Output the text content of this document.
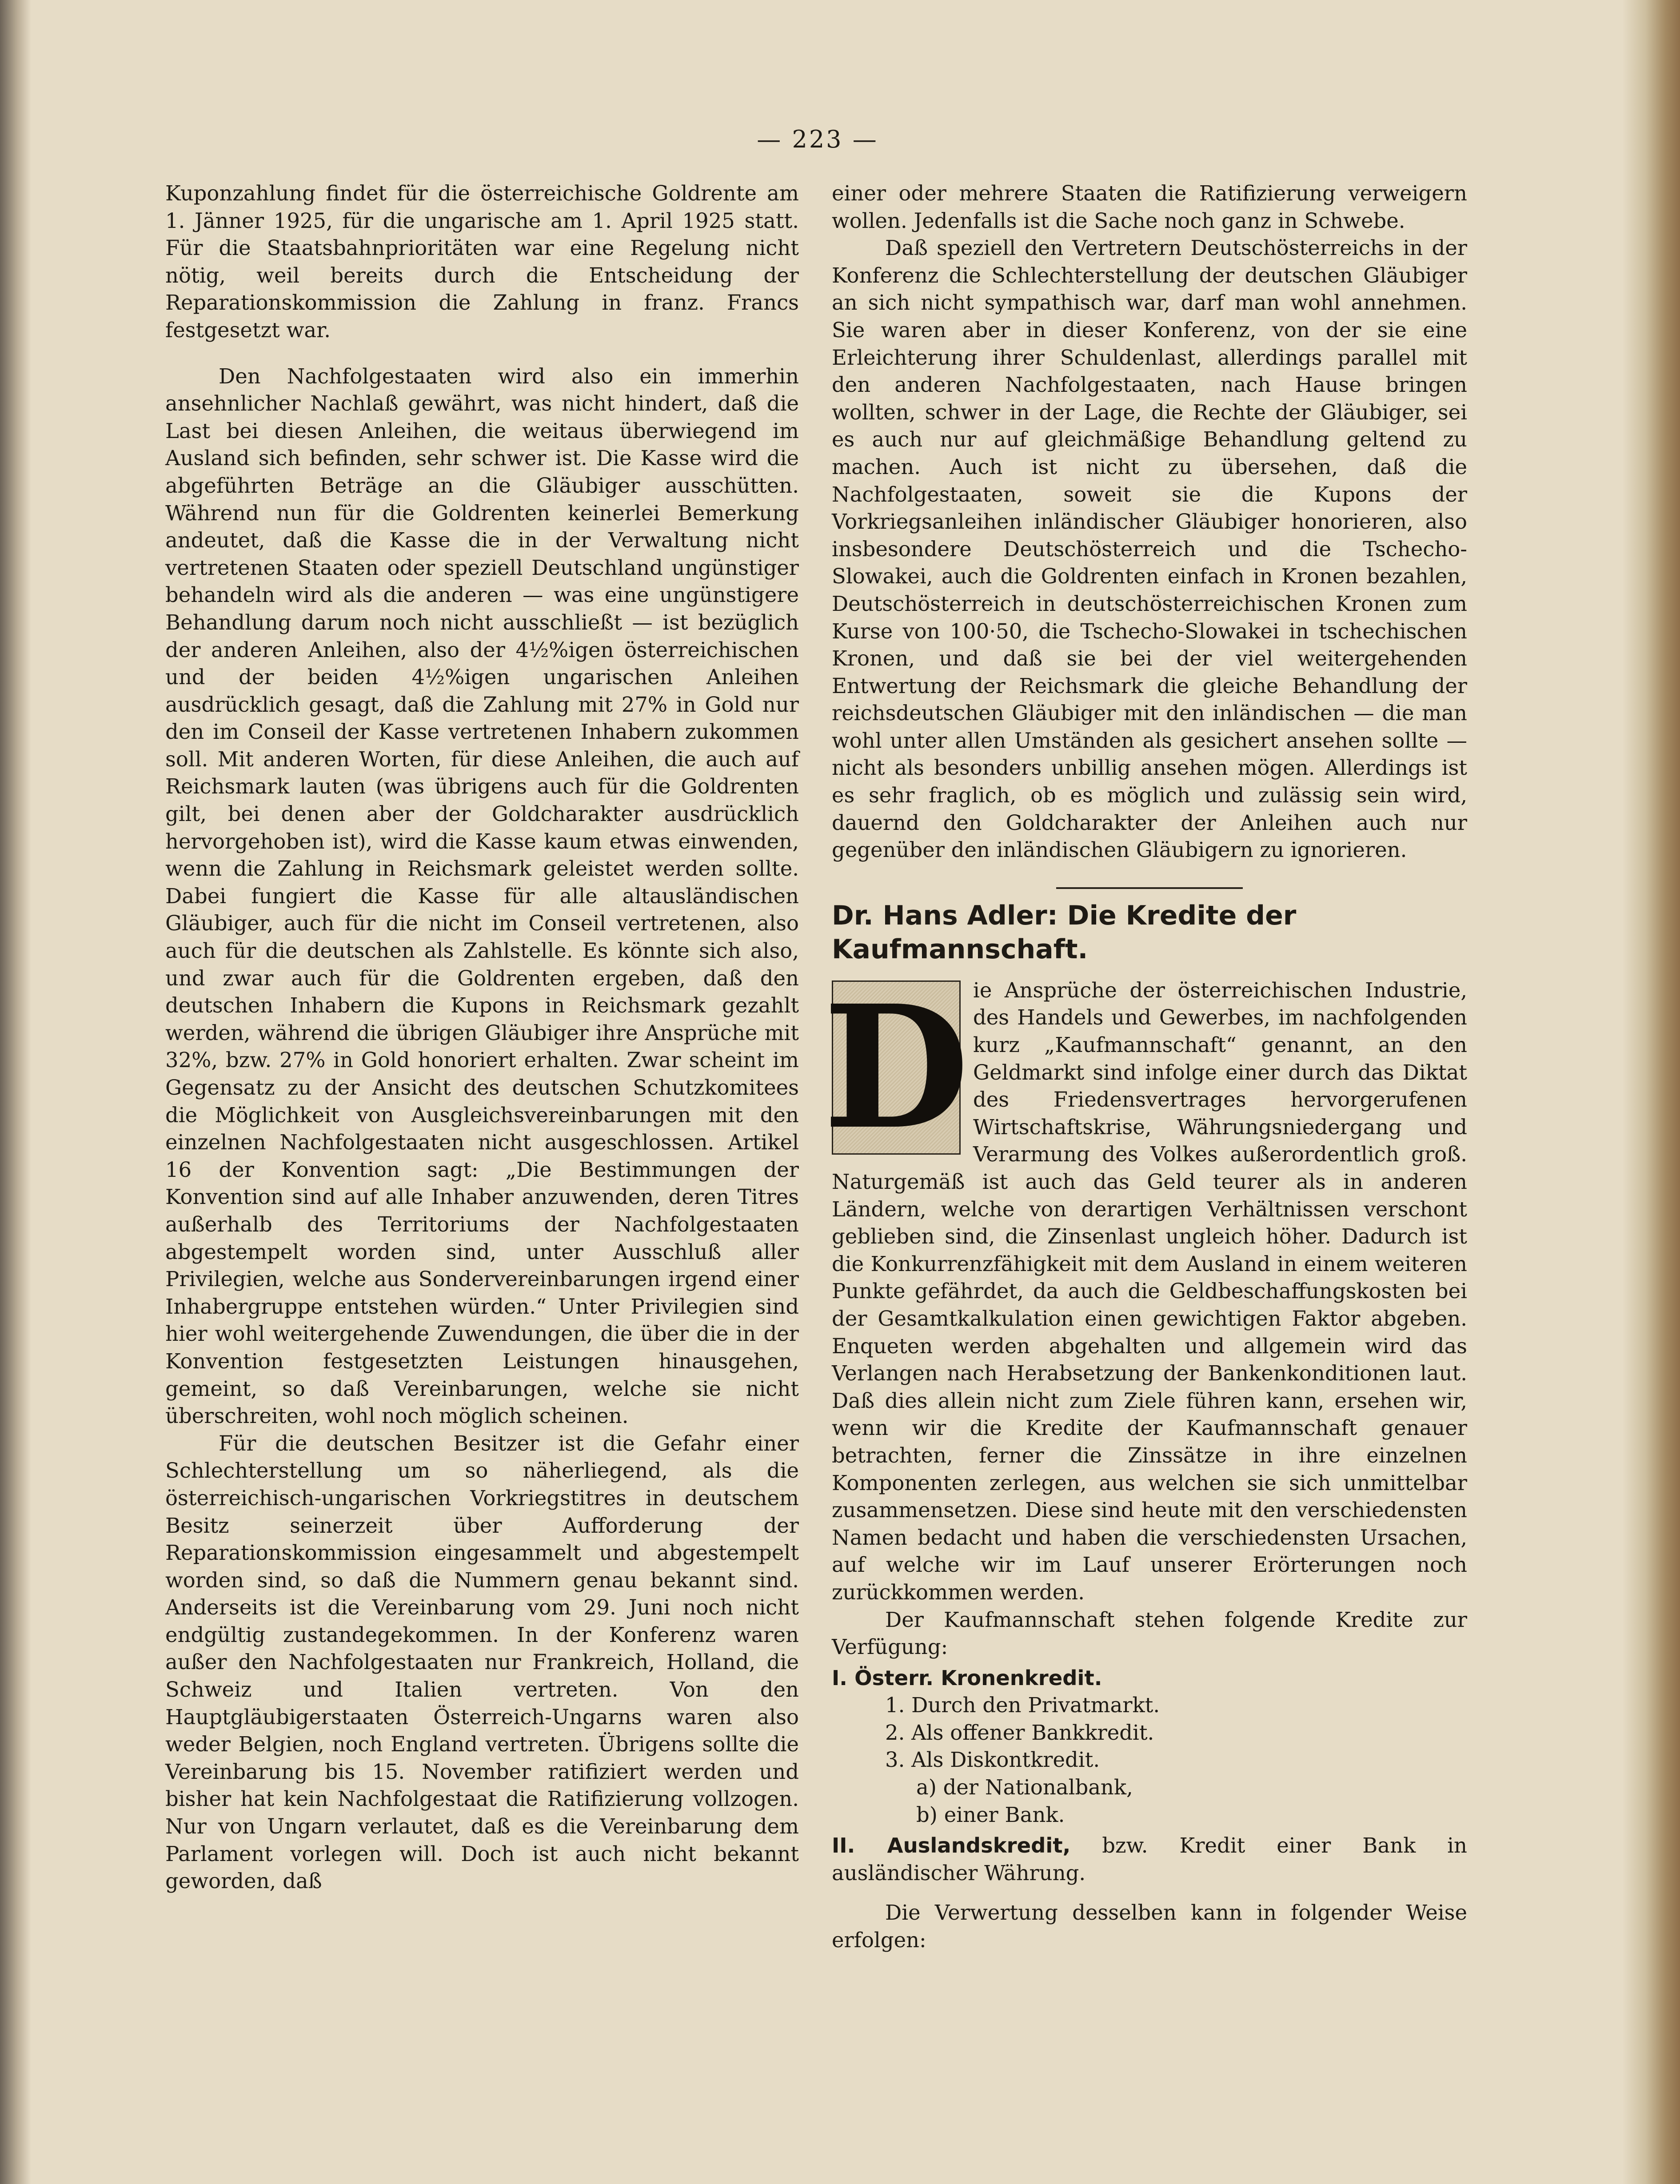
— 223 —

Kuponzahlung findet für die österreichische Goldrente am 1. Jänner 1925, für die ungarische am 1. April 1925 statt. Für die Staatsbahnprioritäten war eine Regelung nicht nötig, weil bereits durch die Entscheidung der Reparationskommission die Zahlung in franz. Francs festgesetzt war.

Den Nachfolgestaaten wird also ein immerhin ansehnlicher Nachlaß gewährt, was nicht hindert, daß die Last bei diesen Anleihen, die weitaus überwiegend im Ausland sich befinden, sehr schwer ist. Die Kasse wird die abgeführten Beträge an die Gläubiger ausschütten. Während nun für die Goldrenten keinerlei Bemerkung andeutet, daß die Kasse die in der Verwaltung nicht vertretenen Staaten oder speziell Deutschland ungünstiger behandeln wird als die anderen — was eine ungünstigere Behandlung darum noch nicht ausschließt — ist bezüglich der anderen Anleihen, also der 4½%igen österreichischen und der beiden 4½%igen ungarischen Anleihen ausdrücklich gesagt, daß die Zahlung mit 27% in Gold nur den im Conseil der Kasse vertretenen Inhabern zukommen soll. Mit anderen Worten, für diese Anleihen, die auch auf Reichsmark lauten (was übrigens auch für die Goldrenten gilt, bei denen aber der Goldcharakter ausdrücklich hervorgehoben ist), wird die Kasse kaum etwas einwenden, wenn die Zahlung in Reichsmark geleistet werden sollte. Dabei fungiert die Kasse für alle altausländischen Gläubiger, auch für die nicht im Conseil vertretenen, also auch für die deutschen als Zahlstelle. Es könnte sich also, und zwar auch für die Goldrenten ergeben, daß den deutschen Inhabern die Kupons in Reichsmark gezahlt werden, während die übrigen Gläubiger ihre Ansprüche mit 32%, bzw. 27% in Gold honoriert erhalten. Zwar scheint im Gegensatz zu der Ansicht des deutschen Schutzkomitees die Möglichkeit von Ausgleichsvereinbarungen mit den einzelnen Nachfolgestaaten nicht ausgeschlossen. Artikel 16 der Konvention sagt: „Die Bestimmungen der Konvention sind auf alle Inhaber anzuwenden, deren Titres außerhalb des Territoriums der Nachfolgestaaten abgestempelt worden sind, unter Ausschluß aller Privilegien, welche aus Sondervereinbarungen irgend einer Inhabergruppe entstehen würden.“ Unter Privilegien sind hier wohl weitergehende Zuwendungen, die über die in der Konvention festgesetzten Leistungen hinausgehen, gemeint, so daß Vereinbarungen, welche sie nicht überschreiten, wohl noch möglich scheinen.

Für die deutschen Besitzer ist die Gefahr einer Schlechterstellung um so näherliegend, als die österreichisch-ungarischen Vorkriegstitres in deutschem Besitz seinerzeit über Aufforderung der Reparationskommission eingesammelt und abgestempelt worden sind, so daß die Nummern genau bekannt sind. Anderseits ist die Vereinbarung vom 29. Juni noch nicht endgültig zustandegekommen. In der Konferenz waren außer den Nachfolgestaaten nur Frankreich, Holland, die Schweiz und Italien vertreten. Von den Hauptgläubigerstaaten Österreich-Ungarns waren also weder Belgien, noch England vertreten. Übrigens sollte die Vereinbarung bis 15. November ratifiziert werden und bisher hat kein Nachfolgestaat die Ratifizierung vollzogen. Nur von Ungarn verlautet, daß es die Vereinbarung dem Parlament vorlegen will. Doch ist auch nicht bekannt geworden, daß

einer oder mehrere Staaten die Ratifizierung verweigern wollen. Jedenfalls ist die Sache noch ganz in Schwebe.

Daß speziell den Vertretern Deutschösterreichs in der Konferenz die Schlechterstellung der deutschen Gläubiger an sich nicht sympathisch war, darf man wohl annehmen. Sie waren aber in dieser Konferenz, von der sie eine Erleichterung ihrer Schuldenlast, allerdings parallel mit den anderen Nachfolgestaaten, nach Hause bringen wollten, schwer in der Lage, die Rechte der Gläubiger, sei es auch nur auf gleichmäßige Behandlung geltend zu machen. Auch ist nicht zu übersehen, daß die Nachfolgestaaten, soweit sie die Kupons der Vorkriegsanleihen inländischer Gläubiger honorieren, also insbesondere Deutschösterreich und die Tschecho-Slowakei, auch die Goldrenten einfach in Kronen bezahlen, Deutschösterreich in deutschösterreichischen Kronen zum Kurse von 100·50, die Tschecho-Slowakei in tschechischen Kronen, und daß sie bei der viel weitergehenden Entwertung der Reichsmark die gleiche Behandlung der reichsdeutschen Gläubiger mit den inländischen — die man wohl unter allen Umständen als gesichert ansehen sollte — nicht als besonders unbillig ansehen mögen. Allerdings ist es sehr fraglich, ob es möglich und zulässig sein wird, dauernd den Goldcharakter der Anleihen auch nur gegenüber den inländischen Gläubigern zu ignorieren.

Dr. Hans Adler: Die Kredite der Kaufmannschaft.
D ie Ansprüche der österreichischen Industrie, des Handels und Gewerbes, im nachfolgenden kurz „Kaufmannschaft“ genannt, an den Geldmarkt sind infolge einer durch das Diktat des Friedensvertrages hervorgerufenen Wirtschaftskrise, Währungsniedergang und Verarmung des Volkes außerordentlich groß. Naturgemäß ist auch das Geld teurer als in anderen Ländern, welche von derartigen Verhältnissen verschont geblieben sind, die Zinsenlast ungleich höher. Dadurch ist die Konkurrenzfähigkeit mit dem Ausland in einem weiteren Punkte gefährdet, da auch die Geldbeschaffungskosten bei der Gesamtkalkulation einen gewichtigen Faktor abgeben. Enqueten werden abgehalten und allgemein wird das Verlangen nach Herabsetzung der Bankenkonditionen laut. Daß dies allein nicht zum Ziele führen kann, ersehen wir, wenn wir die Kredite der Kaufmannschaft genauer betrachten, ferner die Zinssätze in ihre einzelnen Komponenten zerlegen, aus welchen sie sich unmittelbar zusammensetzen. Diese sind heute mit den verschiedensten Namen bedacht und haben die verschiedensten Ursachen, auf welche wir im Lauf unserer Erörterungen noch zurückkommen werden.

Der Kaufmannschaft stehen folgende Kredite zur Verfügung:

I. Österr. Kronenkredit.

1. Durch den Privatmarkt.

2. Als offener Bankkredit.

3. Als Diskontkredit.

a) der Nationalbank,

b) einer Bank.

II. Auslandskredit, bzw. Kredit einer Bank in ausländischer Währung.

Die Verwertung desselben kann in folgender Weise erfolgen:
